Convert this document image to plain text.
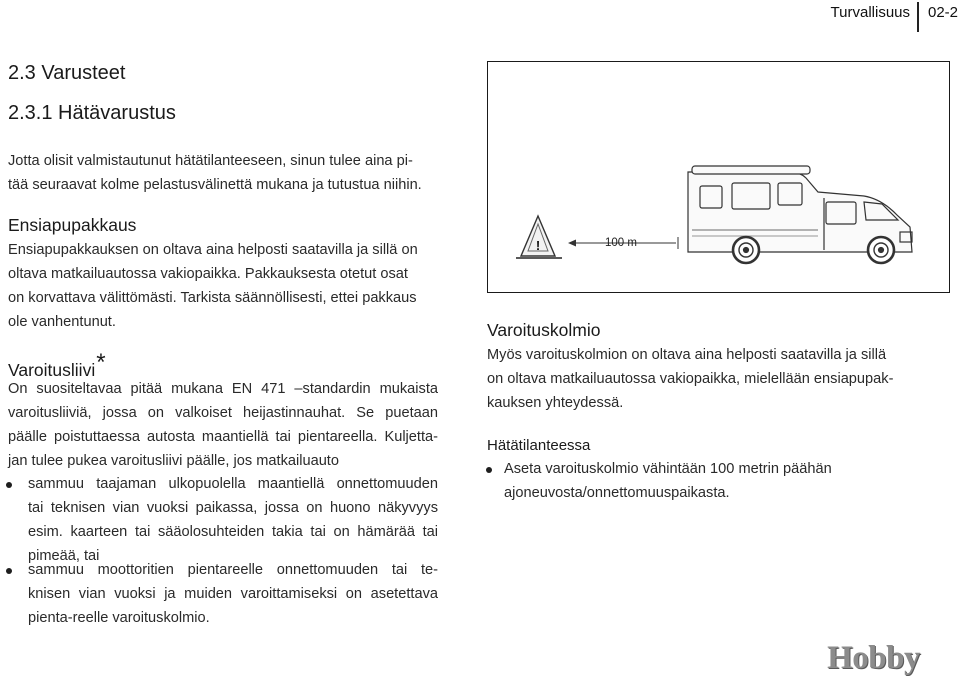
Turvallisuus 02-2
2.3 Varusteet
2.3.1 Hätävarustus
Jotta olisit valmistautunut hätätilanteeseen, sinun tulee aina pi-
tää seuraavat kolme pelastusvälinettä mukana ja tutustua niihin.
Ensiapupakkaus
Ensiapupakkauksen on oltava aina helposti saatavilla ja sillä on
oltava matkailuautossa vakiopaikka. Pakkauksesta otetut osat
on korvattava välittömästi. Tarkista säännöllisesti, ettei pakkaus
ole vanhentunut.
Varoitusliivi*
On suositeltavaa pitää mukana EN 471 –standardin mukaista
varoitusliiviä, jossa on valkoiset heijastinnauhat. Se puetaan
päälle poistuttaessa autosta maantiellä tai pientareella. Kuljetta-
jan tulee pukea varoitusliivi päälle, jos matkailuauto
sammuu taajaman ulkopuolella maantiellä onnettomuuden
tai teknisen vian vuoksi paikassa, jossa on huono näkyvyys
esim. kaarteen tai sääolosuhteiden takia tai on hämärää tai
pimeää, tai
sammuu moottoritien pientareelle onnettomuuden tai te-
knisen vian vuoksi ja muiden varoittamiseksi on asetettava
pienta-reelle varoituskolmio.
!	100 m
Varoituskolmio
Myös varoituskolmion on oltava aina helposti saatavilla ja sillä
on oltava matkailuautossa vakiopaikka, mielellään ensiapupak-
kauksen yhteydessä.
Hätätilanteessa
Aseta varoituskolmio vähintään 100 metrin päähän
ajoneuvosta/onnettomuuspaikasta.
Hobby
